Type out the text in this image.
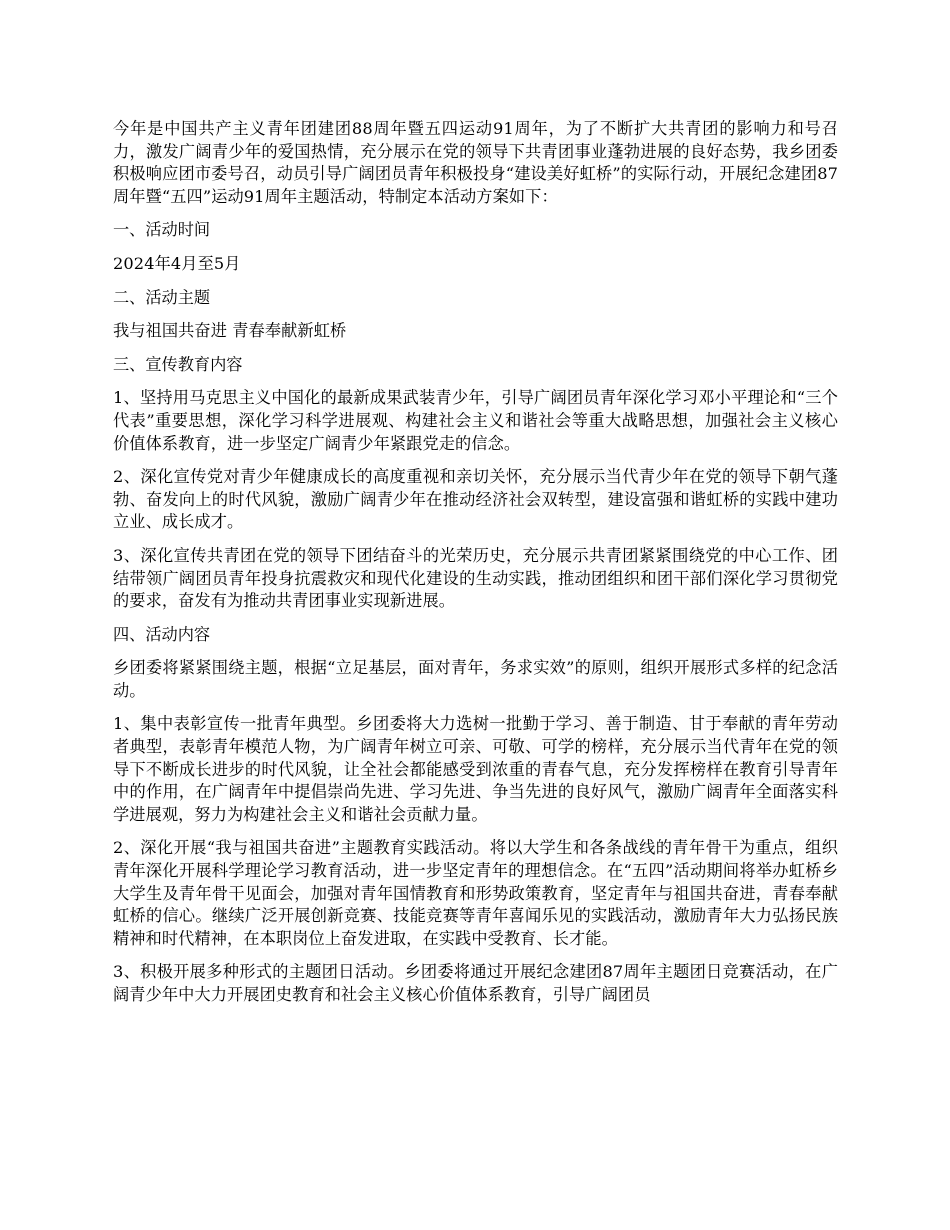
今年是中国共产主义青年团建团88周年暨五四运动91周年，为了不断扩大共青团的影响力和号召力，激发广阔青少年的爱国热情，充分展示在党的领导下共青团事业蓬勃进展的良好态势，我乡团委积极响应团市委号召，动员引导广阔团员青年积极投身“建设美好虹桥”的实际行动，开展纪念建团87周年暨“五四”运动91周年主题活动，特制定本活动方案如下：

一、活动时间

2024年4月至5月

二、活动主题

我与祖国共奋进 青春奉献新虹桥

三、宣传教育内容

1、坚持用马克思主义中国化的最新成果武装青少年，引导广阔团员青年深化学习邓小平理论和“三个代表”重要思想，深化学习科学进展观、构建社会主义和谐社会等重大战略思想，加强社会主义核心价值体系教育，进一步坚定广阔青少年紧跟党走的信念。

2、深化宣传党对青少年健康成长的高度重视和亲切关怀，充分展示当代青少年在党的领导下朝气蓬勃、奋发向上的时代风貌，激励广阔青少年在推动经济社会双转型，建设富强和谐虹桥的实践中建功立业、成长成才。

3、深化宣传共青团在党的领导下团结奋斗的光荣历史，充分展示共青团紧紧围绕党的中心工作、团结带领广阔团员青年投身抗震救灾和现代化建设的生动实践，推动团组织和团干部们深化学习贯彻党的要求，奋发有为推动共青团事业实现新进展。

四、活动内容

乡团委将紧紧围绕主题，根据“立足基层，面对青年，务求实效”的原则，组织开展形式多样的纪念活动。

1、集中表彰宣传一批青年典型。乡团委将大力选树一批勤于学习、善于制造、甘于奉献的青年劳动者典型，表彰青年模范人物，为广阔青年树立可亲、可敬、可学的榜样，充分展示当代青年在党的领导下不断成长进步的时代风貌，让全社会都能感受到浓重的青春气息，充分发挥榜样在教育引导青年中的作用，在广阔青年中提倡崇尚先进、学习先进、争当先进的良好风气，激励广阔青年全面落实科学进展观，努力为构建社会主义和谐社会贡献力量。

2、深化开展“我与祖国共奋进”主题教育实践活动。将以大学生和各条战线的青年骨干为重点，组织青年深化开展科学理论学习教育活动，进一步坚定青年的理想信念。在“五四”活动期间将举办虹桥乡大学生及青年骨干见面会，加强对青年国情教育和形势政策教育，坚定青年与祖国共奋进，青春奉献虹桥的信心。继续广泛开展创新竞赛、技能竞赛等青年喜闻乐见的实践活动，激励青年大力弘扬民族精神和时代精神，在本职岗位上奋发进取，在实践中受教育、长才能。

3、积极开展多种形式的主题团日活动。乡团委将通过开展纪念建团87周年主题团日竞赛活动，在广阔青少年中大力开展团史教育和社会主义核心价值体系教育，引导广阔团员
